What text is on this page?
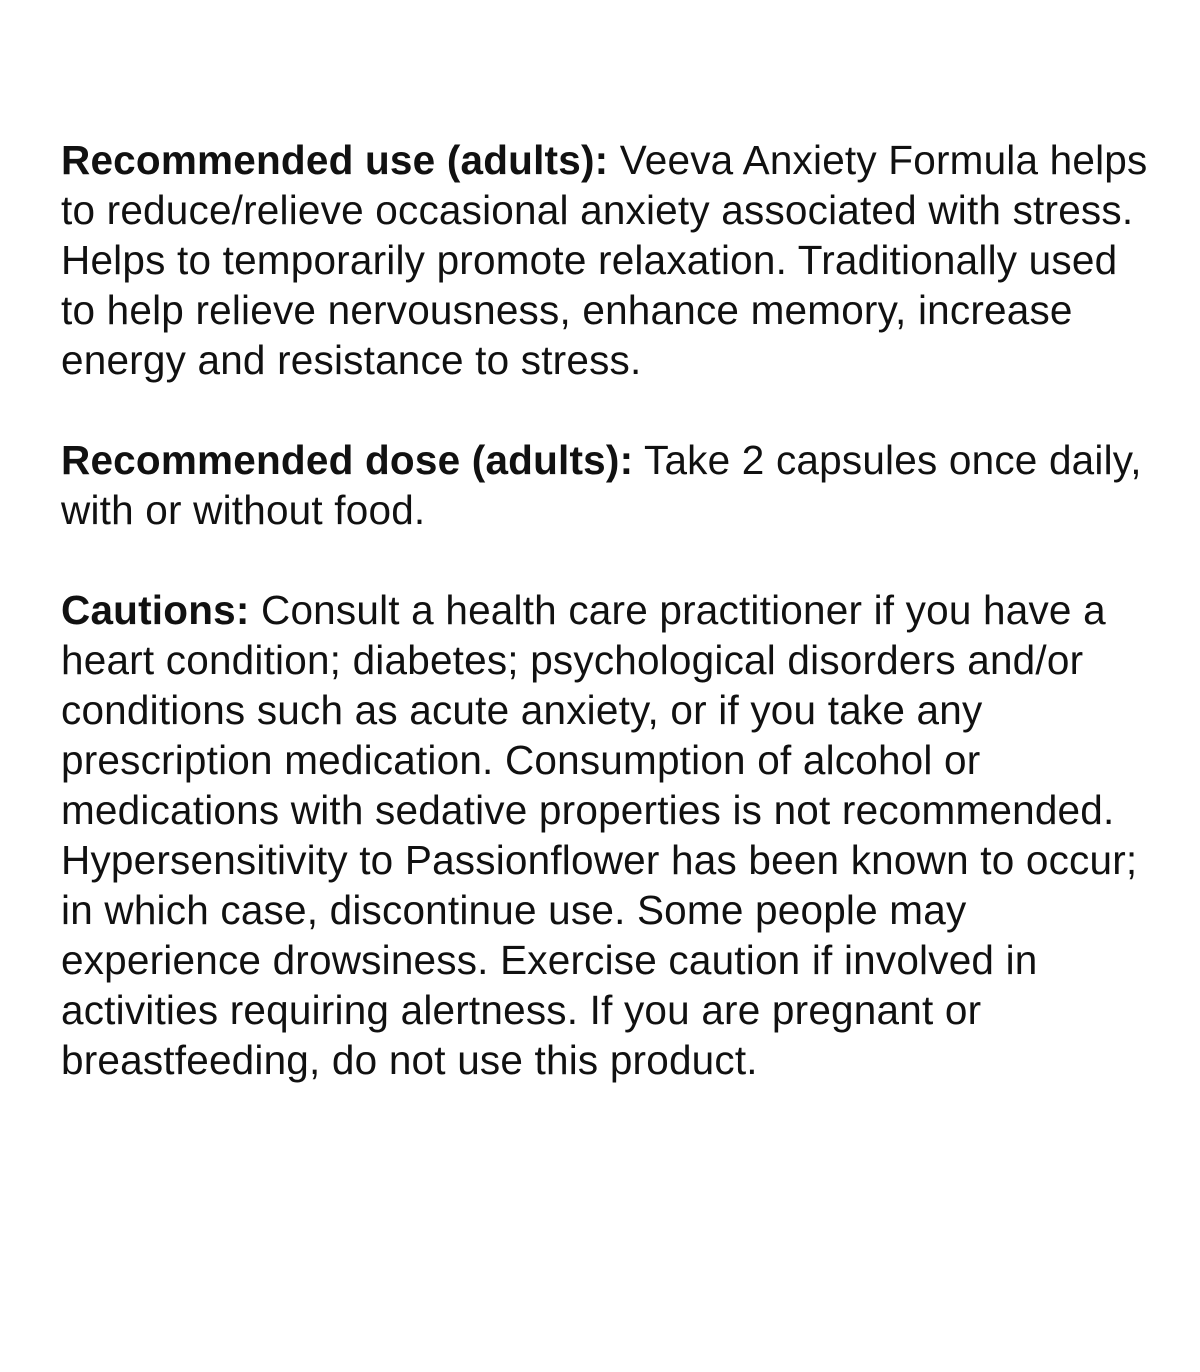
Recommended use (adults): Veeva Anxiety Formula helps to reduce/relieve occasional anxiety associated with stress. Helps to temporarily promote relaxation. Traditionally used to help relieve nervousness, enhance memory, increase energy and resistance to stress.

Recommended dose (adults): Take 2 capsules once daily, with or without food.

Cautions: Consult a health care practitioner if you have a heart condition; diabetes; psychological disorders and/or conditions such as acute anxiety, or if you take any prescription medication. Consumption of alcohol or medications with sedative properties is not recommended. Hypersensitivity to Passionflower has been known to occur; in which case, discontinue use. Some people may experience drowsiness. Exercise caution if involved in activities requiring alertness. If you are pregnant or breastfeeding, do not use this product.
